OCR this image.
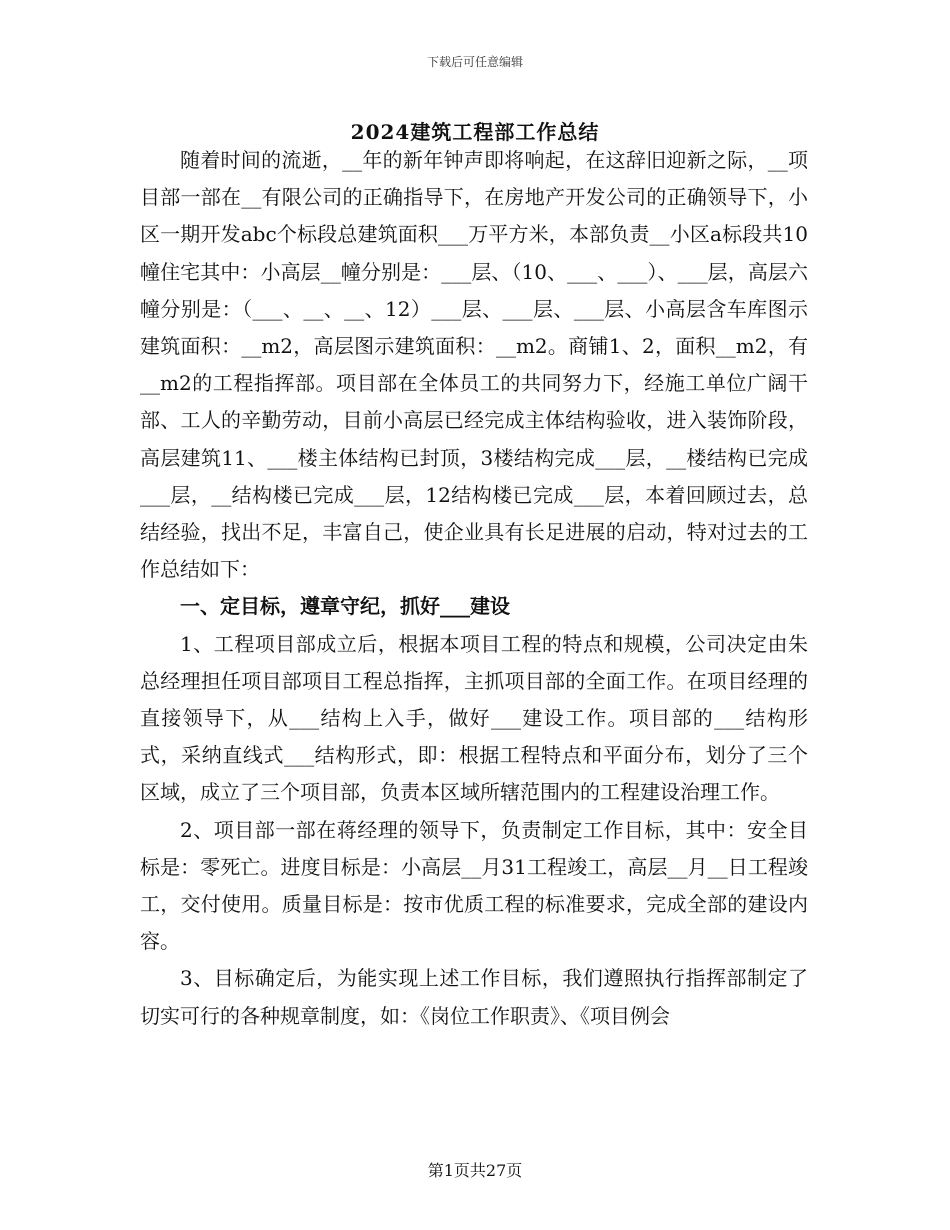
下载后可任意编辑
2024建筑工程部工作总结

随着时间的流逝，__年的新年钟声即将响起，在这辞旧迎新之际，__项目部一部在__有限公司的正确指导下，在房地产开发公司的正确领导下，小区一期开发abc个标段总建筑面积___万平方米，本部负责__小区a标段共10幢住宅其中：小高层__幢分别是：___层、（10、___、___）、___层，高层六幢分别是：（___、__、__、12）___层、___层、___层、小高层含车库图示建筑面积：__m2，高层图示建筑面积：__m2。商铺1、2，面积__m2，有__m2的工程指挥部。项目部在全体员工的共同努力下，经施工单位广阔干部、工人的辛勤劳动，目前小高层已经完成主体结构验收，进入装饰阶段，高层建筑11、___楼主体结构已封顶，3楼结构完成___层，__楼结构已完成___层，__结构楼已完成___层，12结构楼已完成___层，本着回顾过去，总结经验，找出不足，丰富自己，使企业具有长足进展的启动，特对过去的工作总结如下：

一、定目标，遵章守纪，抓好___建设

1、工程项目部成立后，根据本项目工程的特点和规模，公司决定由朱总经理担任项目部项目工程总指挥，主抓项目部的全面工作。在项目经理的直接领导下，从___结构上入手，做好___建设工作。项目部的___结构形式，采纳直线式___结构形式，即：根据工程特点和平面分布，划分了三个区域，成立了三个项目部，负责本区域所辖范围内的工程建设治理工作。

2、项目部一部在蒋经理的领导下，负责制定工作目标，其中：安全目标是：零死亡。进度目标是：小高层__月31工程竣工，高层__月__日工程竣工，交付使用。质量目标是：按市优质工程的标准要求，完成全部的建设内容。

3、目标确定后，为能实现上述工作目标，我们遵照执行指挥部制定了切实可行的各种规章制度，如：《岗位工作职责》、《项目例会

第1页共27页
